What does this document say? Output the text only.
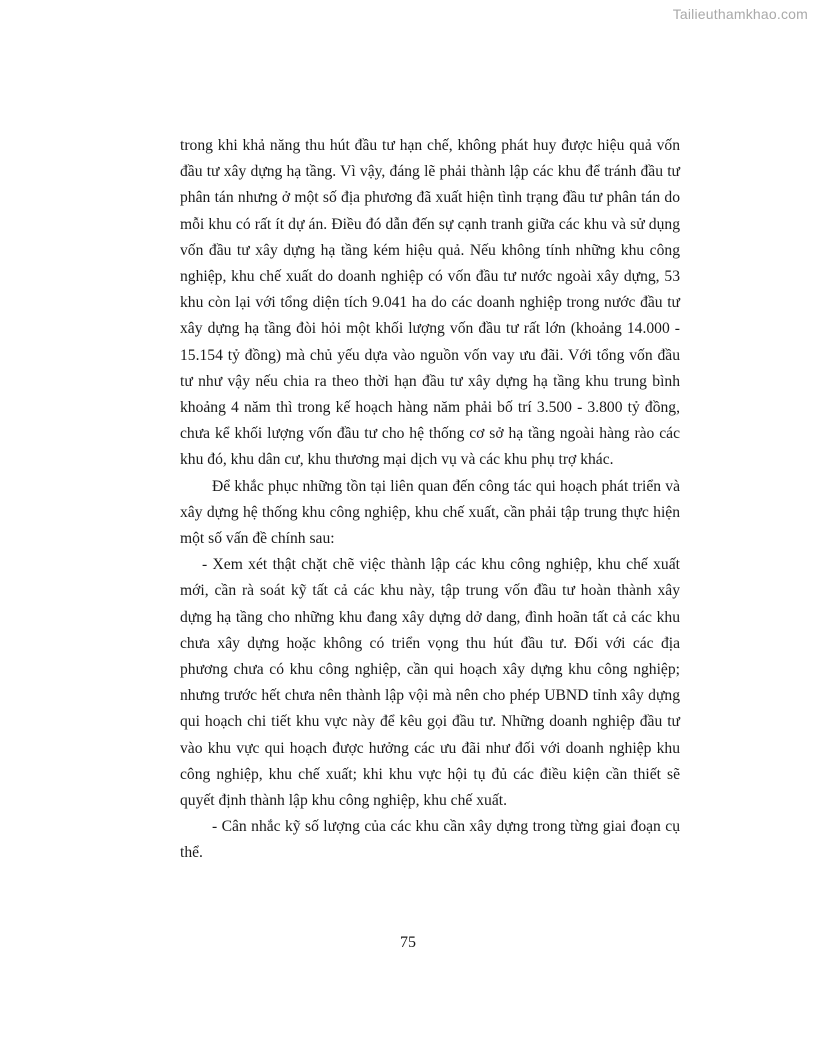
Tailieuthamkhao.com

trong khi khả năng thu hút đầu tư hạn chế, không phát huy được hiệu quả vốn đầu tư xây dựng hạ tầng. Vì vậy, đáng lẽ phải thành lập các khu để tránh đầu tư phân tán nhưng ở một số địa phương đã xuất hiện tình trạng đầu tư phân tán do mỗi khu có rất ít dự án. Điều đó dẫn đến sự cạnh tranh giữa các khu và sử dụng vốn đầu tư xây dựng hạ tầng kém hiệu quả. Nếu không tính những khu công nghiệp, khu chế xuất do doanh nghiệp có vốn đầu tư nước ngoài xây dựng, 53 khu còn lại với tổng diện tích 9.041 ha do các doanh nghiệp trong nước đầu tư xây dựng hạ tầng đòi hỏi một khối lượng vốn đầu tư rất lớn (khoảng 14.000 - 15.154 tỷ đồng) mà chủ yếu dựa vào nguồn vốn vay ưu đãi. Với tổng vốn đầu tư như vậy nếu chia ra theo thời hạn đầu tư xây dựng hạ tầng khu trung bình khoảng 4 năm thì trong kế hoạch hàng năm phải bố trí 3.500 - 3.800 tỷ đồng, chưa kể khối lượng vốn đầu tư cho hệ thống cơ sở hạ tầng ngoài hàng rào các khu đó, khu dân cư, khu thương mại dịch vụ và các khu phụ trợ khác.

Để khắc phục những tồn tại liên quan đến công tác qui hoạch phát triển và xây dựng hệ thống khu công nghiệp, khu chế xuất, cần phải tập trung thực hiện một số vấn đề chính sau:

- Xem xét thật chặt chẽ việc thành lập các khu công nghiệp, khu chế xuất mới, cần rà soát kỹ tất cả các khu này, tập trung vốn đầu tư hoàn thành xây dựng hạ tầng cho những khu đang xây dựng dở dang, đình hoãn tất cả các khu chưa xây dựng hoặc không có triển vọng thu hút đầu tư. Đối với các địa phương chưa có khu công nghiệp, cần qui hoạch xây dựng khu công nghiệp; nhưng trước hết chưa nên thành lập vội mà nên cho phép UBND tỉnh xây dựng qui hoạch chi tiết khu vực này để kêu gọi đầu tư. Những doanh nghiệp đầu tư vào khu vực qui hoạch được hưởng các ưu đãi như đối với doanh nghiệp khu công nghiệp, khu chế xuất; khi khu vực hội tụ đủ các điều kiện cần thiết sẽ quyết định thành lập khu công nghiệp, khu chế xuất.

- Cân nhắc kỹ số lượng của các khu cần xây dựng trong từng giai đoạn cụ thể.

75
